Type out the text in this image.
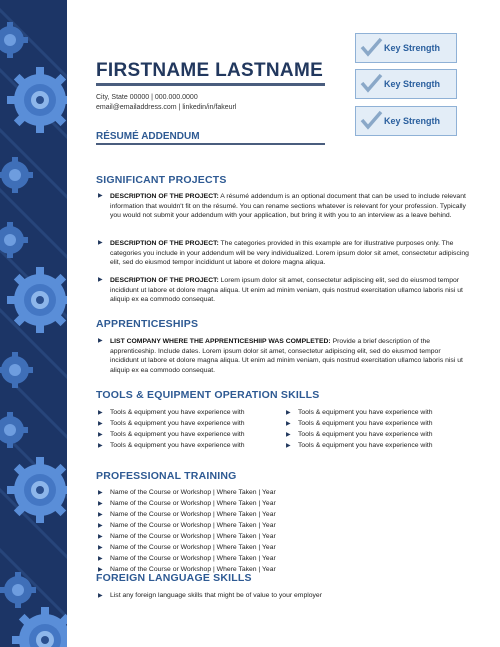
FIRSTNAME LASTNAME
City, State 00000 | 000.000.0000
email@emailaddress.com | linkedin/in/fakeurl
RÉSUMÉ ADDENDUM
Key Strength
Key Strength
Key Strength
SIGNIFICANT PROJECTS
▶ DESCRIPTION OF THE PROJECT: A résumé addendum is an optional document that can be used to include relevant information that wouldn't fit on the résumé. You can rename sections whatever is relevant for your profession. Typically you would not submit your addendum with your application, but bring it with you to an interview as a leave behind.
▶ DESCRIPTION OF THE PROJECT: The categories provided in this example are for illustrative purposes only. The categories you include in your addendum will be very individualized. Lorem ipsum dolor sit amet, consectetur adipiscing elit, sed do eiusmod tempor incididunt ut labore et dolore magna aliqua.
▶ DESCRIPTION OF THE PROJECT: Lorem ipsum dolor sit amet, consectetur adipiscing elit, sed do eiusmod tempor incididunt ut labore et dolore magna aliqua. Ut enim ad minim veniam, quis nostrud exercitation ullamco laboris nisi ut aliquip ex ea commodo consequat.
APPRENTICESHIPS
▶ LIST COMPANY WHERE THE APPRENTICESHIIP WAS COMPLETED: Provide a brief description of the apprenticeship. Include dates. Lorem ipsum dolor sit amet, consectetur adipiscing elit, sed do eiusmod tempor incididunt ut labore et dolore magna aliqua. Ut enim ad minim veniam, quis nostrud exercitation ullamco laboris nisi ut aliquip ex ea commodo consequat.
TOOLS & EQUIPMENT OPERATION SKILLS
▶ Tools & equipment you have experience with
▶ Tools & equipment you have experience with
▶ Tools & equipment you have experience with
▶ Tools & equipment you have experience with
▶ Tools & equipment you have experience with
▶ Tools & equipment you have experience with
▶ Tools & equipment you have experience with
▶ Tools & equipment you have experience with
PROFESSIONAL TRAINING
▶ Name of the Course or Workshop | Where Taken | Year
▶ Name of the Course or Workshop | Where Taken | Year
▶ Name of the Course or Workshop | Where Taken | Year
▶ Name of the Course or Workshop | Where Taken | Year
▶ Name of the Course or Workshop | Where Taken | Year
▶ Name of the Course or Workshop | Where Taken | Year
▶ Name of the Course or Workshop | Where Taken | Year
▶ Name of the Course or Workshop | Where Taken | Year
FOREIGN LANGUAGE SKILLS
▶ List any foreign language skills that might be of value to your employer
